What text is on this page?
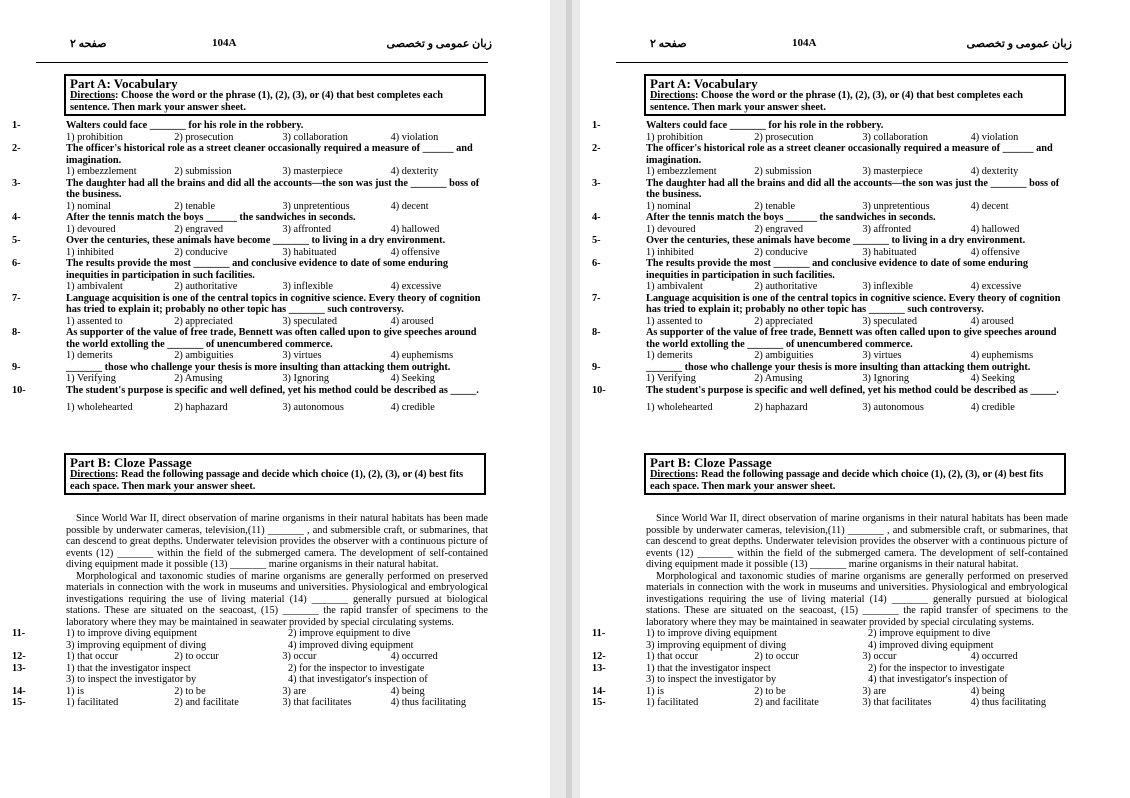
صفحه ۲	104A	زبان عمومی و تخصصی
Part A: Vocabulary
Directions: Choose the word or the phrase (1), (2), (3), or (4) that best completes each sentence. Then mark your answer sheet.
1-	Walters could face _______ for his role in the robbery.
1) prohibition	2) prosecution	3) collaboration	4) violation
2-	The officer's historical role as a street cleaner occasionally required a measure of ______ and imagination.
1) embezzlement	2) submission	3) masterpiece	4) dexterity
3-	The daughter had all the brains and did all the accounts—the son was just the _______ boss of the business.
1) nominal	2) tenable	3) unpretentious	4) decent
4-	After the tennis match the boys ______ the sandwiches in seconds.
1) devoured	2) engraved	3) affronted	4) hallowed
5-	Over the centuries, these animals have become _______ to living in a dry environment.
1) inhibited	2) conducive	3) habituated	4) offensive
6-	The results provide the most _______ and conclusive evidence to date of some enduring inequities in participation in such facilities.
1) ambivalent	2) authoritative	3) inflexible	4) excessive
7-	Language acquisition is one of the central topics in cognitive science. Every theory of cognition has tried to explain it; probably no other topic has _______ such controversy.
1) assented to	2) appreciated	3) speculated	4) aroused
8-	As supporter of the value of free trade, Bennett was often called upon to give speeches around the world extolling the _______ of unencumbered commerce.
1) demerits	2) ambiguities	3) virtues	4) euphemisms
9-	_______ those who challenge your thesis is more insulting than attacking them outright.
1) Verifying	2) Amusing	3) Ignoring	4) Seeking
10-	The student's purpose is specific and well defined, yet his method could be described as _____.
1) wholehearted	2) haphazard	3) autonomous	4) credible
Part B: Cloze Passage
Directions: Read the following passage and decide which choice (1), (2), (3), or (4) best fits each space. Then mark your answer sheet.
Since World War II, direct observation of marine organisms in their natural habitats has been made possible by underwater cameras, television,(11) _______ , and submersible craft, or submarines, that can descend to great depths. Underwater television provides the observer with a continuous picture of events (12) _______ within the field of the submerged camera. The development of self-contained diving equipment made it possible (13) _______ marine organisms in their natural habitat.
Morphological and taxonomic studies of marine organisms are generally performed on preserved materials in connection with the work in museums and universities. Physiological and embryological investigations requiring the use of living material (14) _______ generally pursued at biological stations. These are situated on the seacoast, (15) _______ the rapid transfer of specimens to the laboratory where they may be maintained in seawater provided by special circulating systems.
11-	1) to improve diving equipment	2) improve equipment to dive
3) improving equipment of diving	4) improved diving equipment
12-	1) that occur	2) to occur	3) occur	4) occurred
13-	1) that the investigator inspect	2) for the inspector to investigate
3) to inspect the investigator by	4) that investigator's inspection of
14-	1) is	2) to be	3) are	4) being
15-	1) facilitated	2) and facilitate	3) that facilitates	4) thus facilitating
صفحه ۲	104A	زبان عمومی و تخصصی
Part A: Vocabulary
Directions: Choose the word or the phrase (1), (2), (3), or (4) that best completes each sentence. Then mark your answer sheet.
1-	Walters could face _______ for his role in the robbery.
1) prohibition	2) prosecution	3) collaboration	4) violation
2-	The officer's historical role as a street cleaner occasionally required a measure of ______ and imagination.
1) embezzlement	2) submission	3) masterpiece	4) dexterity
3-	The daughter had all the brains and did all the accounts—the son was just the _______ boss of the business.
1) nominal	2) tenable	3) unpretentious	4) decent
4-	After the tennis match the boys ______ the sandwiches in seconds.
1) devoured	2) engraved	3) affronted	4) hallowed
5-	Over the centuries, these animals have become _______ to living in a dry environment.
1) inhibited	2) conducive	3) habituated	4) offensive
6-	The results provide the most _______ and conclusive evidence to date of some enduring inequities in participation in such facilities.
1) ambivalent	2) authoritative	3) inflexible	4) excessive
7-	Language acquisition is one of the central topics in cognitive science. Every theory of cognition has tried to explain it; probably no other topic has _______ such controversy.
1) assented to	2) appreciated	3) speculated	4) aroused
8-	As supporter of the value of free trade, Bennett was often called upon to give speeches around the world extolling the _______ of unencumbered commerce.
1) demerits	2) ambiguities	3) virtues	4) euphemisms
9-	_______ those who challenge your thesis is more insulting than attacking them outright.
1) Verifying	2) Amusing	3) Ignoring	4) Seeking
10-	The student's purpose is specific and well defined, yet his method could be described as _____.
1) wholehearted	2) haphazard	3) autonomous	4) credible
Part B: Cloze Passage
Directions: Read the following passage and decide which choice (1), (2), (3), or (4) best fits each space. Then mark your answer sheet.
Since World War II, direct observation of marine organisms in their natural habitats has been made possible by underwater cameras, television,(11) _______ , and submersible craft, or submarines, that can descend to great depths. Underwater television provides the observer with a continuous picture of events (12) _______ within the field of the submerged camera. The development of self-contained diving equipment made it possible (13) _______ marine organisms in their natural habitat.
Morphological and taxonomic studies of marine organisms are generally performed on preserved materials in connection with the work in museums and universities. Physiological and embryological investigations requiring the use of living material (14) _______ generally pursued at biological stations. These are situated on the seacoast, (15) _______ the rapid transfer of specimens to the laboratory where they may be maintained in seawater provided by special circulating systems.
11-	1) to improve diving equipment	2) improve equipment to dive
3) improving equipment of diving	4) improved diving equipment
12-	1) that occur	2) to occur	3) occur	4) occurred
13-	1) that the investigator inspect	2) for the inspector to investigate
3) to inspect the investigator by	4) that investigator's inspection of
14-	1) is	2) to be	3) are	4) being
15-	1) facilitated	2) and facilitate	3) that facilitates	4) thus facilitating
